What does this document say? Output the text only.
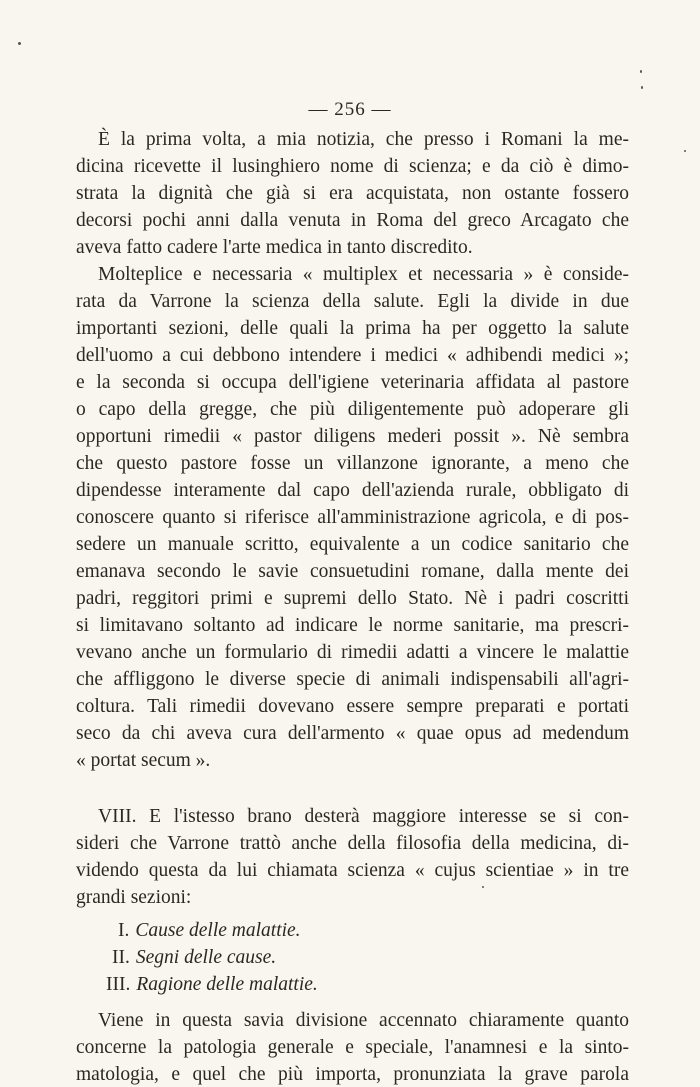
— 256 —
È la prima volta, a mia notizia, che presso i Romani la me-
dicina ricevette il lusinghiero nome di scienza; e da ciò è dimo-
strata la dignità che già si era acquistata, non ostante fossero
decorsi pochi anni dalla venuta in Roma del greco Arcagato che
aveva fatto cadere l'arte medica in tanto discredito.
Molteplice e necessaria « multiplex et necessaria » è conside-
rata da Varrone la scienza della salute. Egli la divide in due
importanti sezioni, delle quali la prima ha per oggetto la salute
dell'uomo a cui debbono intendere i medici « adhibendi medici »;
e la seconda si occupa dell'igiene veterinaria affidata al pastore
o capo della gregge, che più diligentemente può adoperare gli
opportuni rimedii « pastor diligens mederi possit ». Nè sembra
che questo pastore fosse un villanzone ignorante, a meno che
dipendesse interamente dal capo dell'azienda rurale, obbligato di
conoscere quanto si riferisce all'amministrazione agricola, e di pos-
sedere un manuale scritto, equivalente a un codice sanitario che
emanava secondo le savie consuetudini romane, dalla mente dei
padri, reggitori primi e supremi dello Stato. Nè i padri coscritti
si limitavano soltanto ad indicare le norme sanitarie, ma prescri-
vevano anche un formulario di rimedii adatti a vincere le malattie
che affliggono le diverse specie di animali indispensabili all'agri-
coltura. Tali rimedii dovevano essere sempre preparati e portati
seco da chi aveva cura dell'armento « quae opus ad medendum
« portat secum ».
VIII. E l'istesso brano desterà maggiore interesse se si con-
sideri che Varrone trattò anche della filosofia della medicina, di-
videndo questa da lui chiamata scienza « cujus scientiae » in tre
grandi sezioni:
I. Cause delle malattie.
II. Segni delle cause.
III. Ragione delle malattie.
Viene in questa savia divisione accennato chiaramente quanto
concerne la patologia generale e speciale, l'anamnesi e la sinto-
matologia, e quel che più importa, pronunziata la grave parola
